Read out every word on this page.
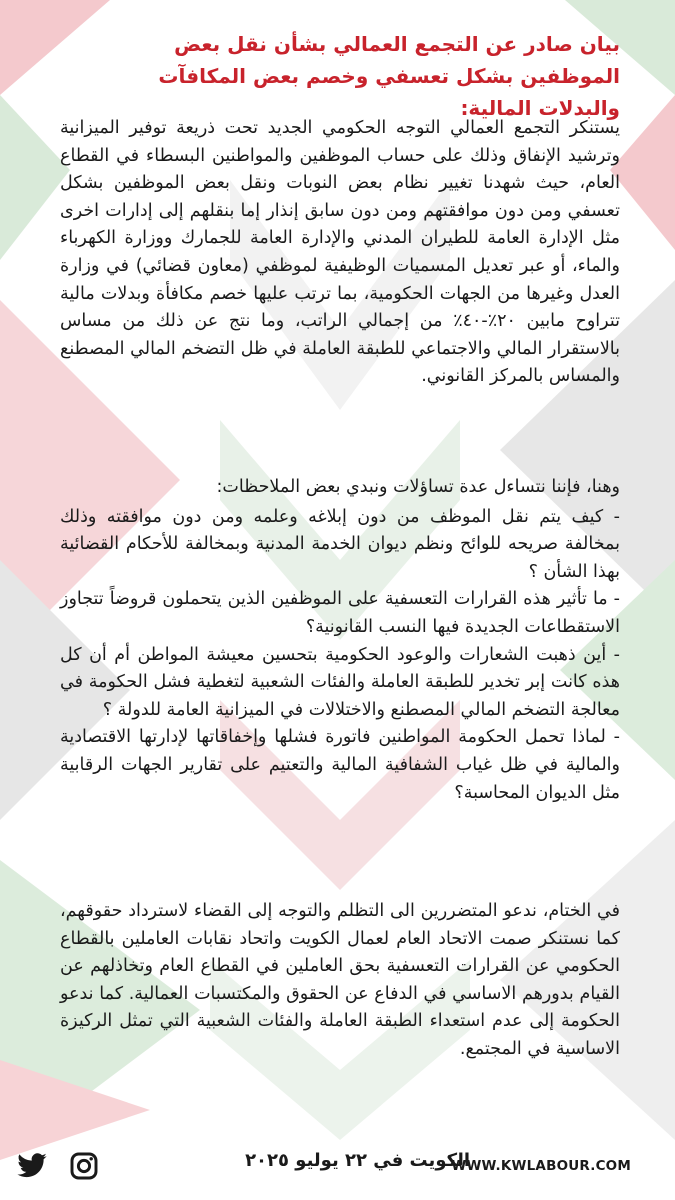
بيان صادر عن التجمع العمالي بشأن نقل بعض الموظفين بشكل تعسفي وخصم بعض المكافآت والبدلات المالية:

يستنكر التجمع العمالي التوجه الحكومي الجديد تحت ذريعة توفير الميزانية وترشيد الإنفاق وذلك على حساب الموظفين والمواطنين البسطاء في القطاع العام، حيث شهدنا تغيير نظام بعض النوبات ونقل بعض الموظفين بشكل تعسفي ومن دون موافقتهم ومن دون سابق إنذار إما بنقلهم إلى إدارات اخرى مثل الإدارة العامة للطيران المدني والإدارة العامة للجمارك ووزارة الكهرباء والماء، أو عبر تعديل المسميات الوظيفية لموظفي (معاون قضائي) في وزارة العدل وغيرها من الجهات الحكومية، بما ترتب عليها خصم مكافأة وبدلات مالية تتراوح مابين ٢٠٪-٤٠٪ من إجمالي الراتب، وما نتج عن ذلك من مساس بالاستقرار المالي والاجتماعي للطبقة العاملة في ظل التضخم المالي المصطنع والمساس بالمركز القانوني.

وهنا، فإننا نتساءل عدة تساؤلات ونبدي بعض الملاحظات:

- كيف يتم نقل الموظف من دون إبلاغه وعلمه ومن دون موافقته وذلك بمخالفة صريحه للوائح ونظم ديوان الخدمة المدنية وبمخالفة للأحكام القضائية بهذا الشأن ؟
- ما تأثير هذه القرارات التعسفية على الموظفين الذين يتحملون قروضاً تتجاوز الاستقطاعات الجديدة فيها النسب القانونية؟
- أين ذهبت الشعارات والوعود الحكومية بتحسين معيشة المواطن أم أن كل هذه كانت إبر تخدير للطبقة العاملة والفئات الشعبية لتغطية فشل الحكومة في معالجة التضخم المالي المصطنع والاختلالات في الميزانية العامة للدولة ؟
- لماذا تحمل الحكومة المواطنين فاتورة فشلها وإخفاقاتها لإدارتها الاقتصادية والمالية في ظل غياب الشفافية المالية والتعتيم على تقارير الجهات الرقابية مثل الديوان المحاسبة؟

في الختام، ندعو المتضررين الى التظلم والتوجه إلى القضاء لاسترداد حقوقهم، كما نستنكر صمت الاتحاد العام لعمال الكويت واتحاد نقابات العاملين بالقطاع الحكومي عن القرارات التعسفية بحق العاملين في القطاع العام وتخاذلهم عن القيام بدورهم الاساسي في الدفاع عن الحقوق والمكتسبات العمالية. كما ندعو الحكومة إلى عدم استعداء الطبقة العاملة والفئات الشعبية التي تمثل الركيزة الاساسية في المجتمع.

الكويت في ٢٢ يوليو ٢٠٢٥
WWW.KWLABOUR.COM
